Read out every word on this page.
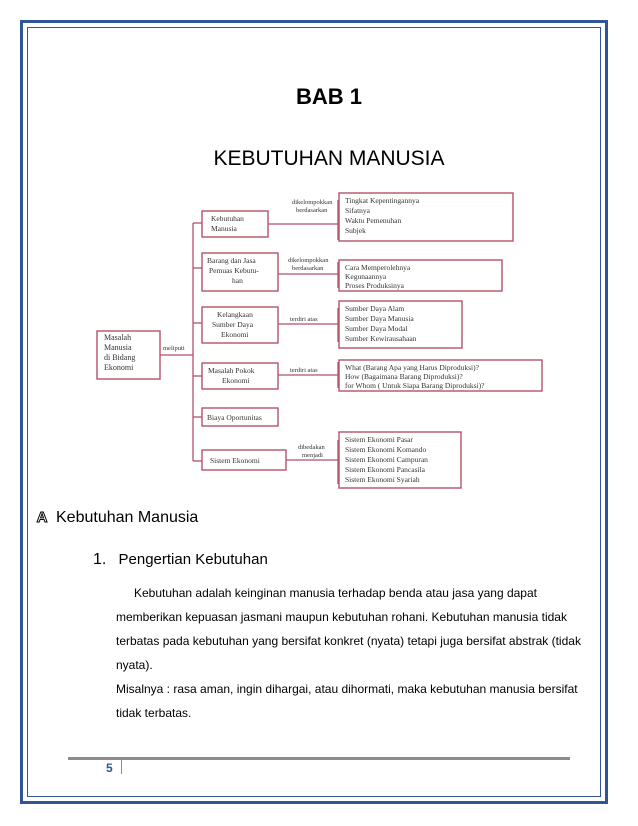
BAB 1
KEBUTUHAN MANUSIA
Masalah
Manusia
di Bidang
Ekonomi
meliputi
Kebutuhan
Manusia
dikelompokkan
berdasarkan
Tingkat Kepentingannya
Sifatnya
Waktu Pemenuhan
Subjek
Barang dan Jasa
Pemuas Kebutu-
han
dikelompokkan
berdasarkan	Cara Memperolehnya
Kegunaannya
Proses Produksinya
Kelangkaan
Sumber Daya
Ekonomi
terdiri atas
Sumber Daya Alam
Sumber Daya Manusia
Sumber Daya Modal
Sumber Kewirausahaan
Masalah Pokok
Ekonomi
terdiri atas	What (Barang Apa yang Harus Diproduksi)?
How (Bagaimana Barang Diproduksi)?
for Whom ( Untuk Siapa Barang Diproduksi)?
Biaya Oportunitas
Sistem Ekonomi
dibedakan
menjadi
Sistem Ekonomi Pasar
Sistem Ekonomi Komando
Sistem Ekonomi Campuran
Sistem Ekonomi Pancasila
Sistem Ekonomi Syariah
A Kebutuhan Manusia
1. Pengertian Kebutuhan
Kebutuhan adalah keinginan manusia terhadap benda atau jasa yang dapat
memberikan kepuasan jasmani maupun kebutuhan rohani. Kebutuhan manusia tidak
terbatas pada kebutuhan yang bersifat konkret (nyata) tetapi juga bersifat abstrak (tidak
nyata).
Misalnya : rasa aman, ingin dihargai, atau dihormati, maka kebutuhan manusia bersifat
tidak terbatas.
5
